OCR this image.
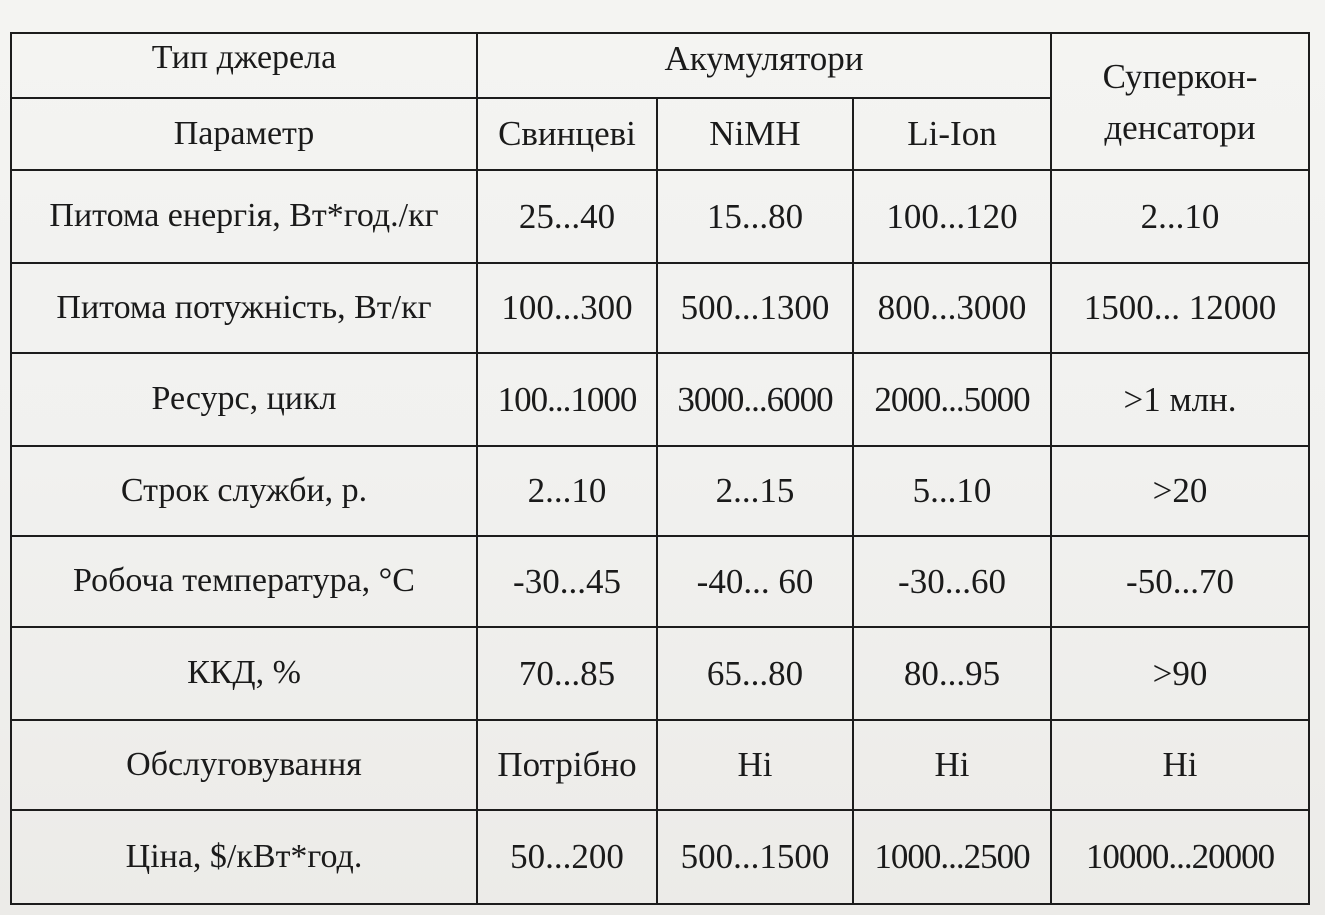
Тип джерела	Акумулятори			Суперкон-
денсатори
Параметр	Свинцеві	NiMH	Li-Ion	
Питома енергія, Вт*год./кг	25...40	15...80	100...120	2...10
Питома потужність, Вт/кг	100...300	500...1300	800...3000	1500... 12000
Ресурс, цикл	100...1000	3000...6000	2000...5000	>1 млн.
Строк служби, р.	2...10	2...15	5...10	>20
Робоча температура, °С	-30...45	-40... 60	-30...60	-50...70
ККД, %	70...85	65...80	80...95	>90
Обслуговування	Потрібно	Ні	Ні	Ні
Ціна, $/кВт*год.	50...200	500...1500	1000...2500	10000...20000
